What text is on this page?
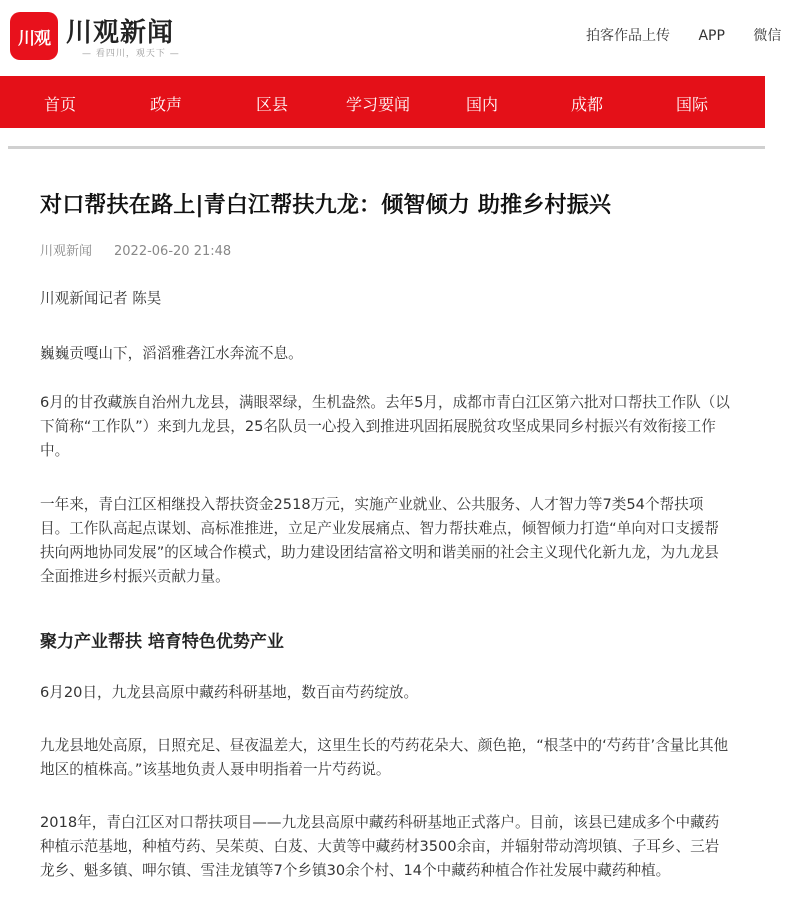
川观 川观新闻
— 看四川，观天下 —
拍客作品上传 APP 微信
首页	政声	区县	学习要闻	国内	成都	国际
对口帮扶在路上|青白江帮扶九龙：倾智倾力 助推乡村振兴
川观新闻 2022-06-20 21:48

川观新闻记者 陈昊

巍巍贡嘎山下，滔滔雅砻江水奔流不息。

6月的甘孜藏族自治州九龙县，满眼翠绿，生机盎然。去年5月，成都市青白江区第六批对口帮扶工作队（以下简称“工作队”）来到九龙县，25名队员一心投入到推进巩固拓展脱贫攻坚成果同乡村振兴有效衔接工作中。

一年来，青白江区相继投入帮扶资金2518万元，实施产业就业、公共服务、人才智力等7类54个帮扶项目。工作队高起点谋划、高标准推进，立足产业发展痛点、智力帮扶难点，倾智倾力打造“单向对口支援帮扶向两地协同发展”的区域合作模式，助力建设团结富裕文明和谐美丽的社会主义现代化新九龙，为九龙县全面推进乡村振兴贡献力量。

聚力产业帮扶 培育特色优势产业

6月20日，九龙县高原中藏药科研基地，数百亩芍药绽放。

九龙县地处高原，日照充足、昼夜温差大，这里生长的芍药花朵大、颜色艳，“根茎中的‘芍药苷’含量比其他地区的植株高。”该基地负责人聂申明指着一片芍药说。

2018年，青白江区对口帮扶项目——九龙县高原中藏药科研基地正式落户。目前，该县已建成多个中藏药种植示范基地，种植芍药、吴茱萸、白芨、大黄等中藏药材3500余亩，并辐射带动湾坝镇、子耳乡、三岩龙乡、魁多镇、呷尔镇、雪洼龙镇等7个乡镇30余个村、14个中藏药种植合作社发展中藏药种植。
